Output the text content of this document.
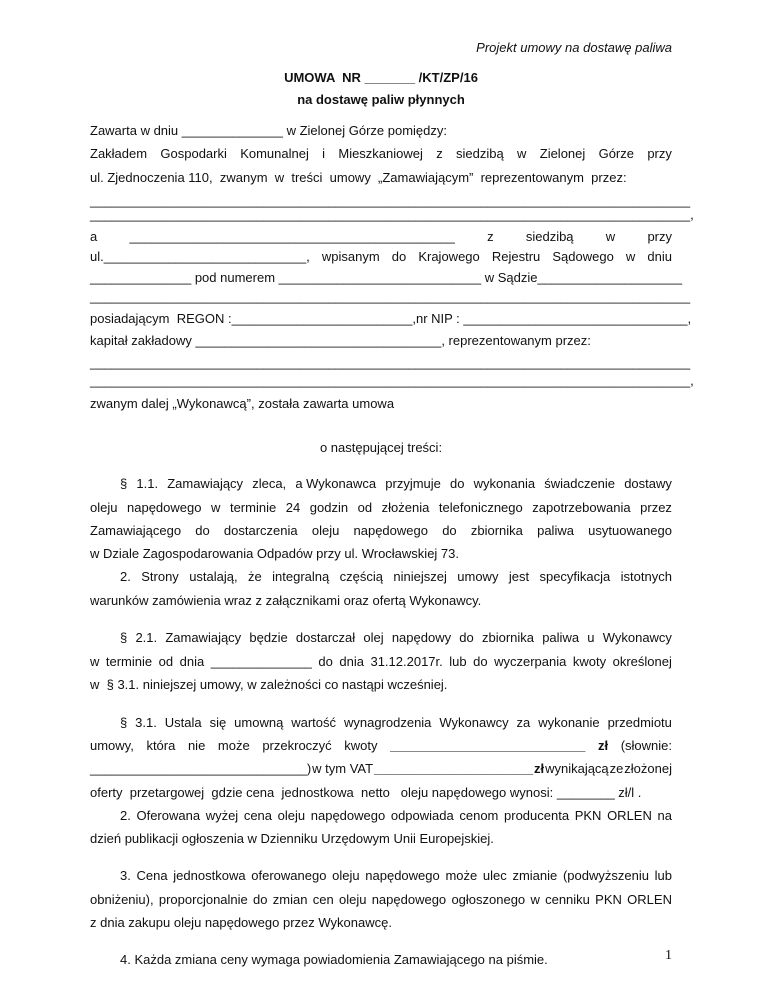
Projekt umowy na dostawę paliwa
UMOWA  NR _______ /KT/ZP/16
na dostawę paliw płynnych
Zawarta w dniu ______________ w Zielonej Górze pomiędzy:
Zakładem Gospodarki Komunalnej i Mieszkaniowej z siedzibą w Zielonej Górze przy
ul. Zjednoczenia 110,  zwanym  w  treści  umowy  „Zamawiającym”  reprezentowanym  przez:
___________________________________________________________________________________
___________________________________________________________________________________,
a _____________________________________________ z siedzibą w przy
ul.____________________________, wpisanym do Krajowego Rejestru Sądowego w dniu
______________ pod numerem ____________________________ w Sądzie____________________
___________________________________________________________________________________
posiadającym  REGON :_________________________,nr NIP : _______________________________,
kapitał zakładowy __________________________________, reprezentowanym przez:
___________________________________________________________________________________
___________________________________________________________________________________,
zwanym dalej „Wykonawcą”, została zawarta umowa
o następującej treści:
§ 1.1. Zamawiający zleca, a Wykonawca przyjmuje do wykonania świadczenie dostawy
oleju napędowego w terminie 24 godzin od złożenia telefonicznego zapotrzebowania przez
Zamawiającego do dostarczenia oleju napędowego do zbiornika paliwa usytuowanego
w Dziale Zagospodarowania Odpadów przy ul. Wrocławskiej 73.
2. Strony ustalają, że integralną częścią niniejszej umowy jest specyfikacja istotnych
warunków zamówienia wraz z załącznikami oraz ofertą Wykonawcy.
§ 2.1. Zamawiający będzie dostarczał olej napędowy do zbiornika paliwa u Wykonawcy
w terminie od dnia ______________ do dnia 31.12.2017r. lub do wyczerpania kwoty określonej
w  § 3.1. niniejszej umowy, w zależności co nastąpi wcześniej.
§ 3.1. Ustala się umowną wartość wynagrodzenia Wykonawcy za wykonanie przedmiotu
umowy, która nie może przekroczyć kwoty ___________________________ zł (słownie:
______________________________) w tym VAT ______________________ zł wynikającą ze złożonej
oferty  przetargowej  gdzie cena  jednostkowa  netto   oleju napędowego wynosi: ________ zł/l .
2. Oferowana wyżej cena oleju napędowego odpowiada cenom producenta PKN ORLEN na
dzień publikacji ogłoszenia w Dzienniku Urzędowym Unii Europejskiej.
3. Cena jednostkowa oferowanego oleju napędowego może ulec zmianie (podwyższeniu lub
obniżeniu), proporcjonalnie do zmian cen oleju napędowego ogłoszonego w cenniku PKN ORLEN
z dnia zakupu oleju napędowego przez Wykonawcę.
4. Każda zmiana ceny wymaga powiadomienia Zamawiającego na piśmie.	1
